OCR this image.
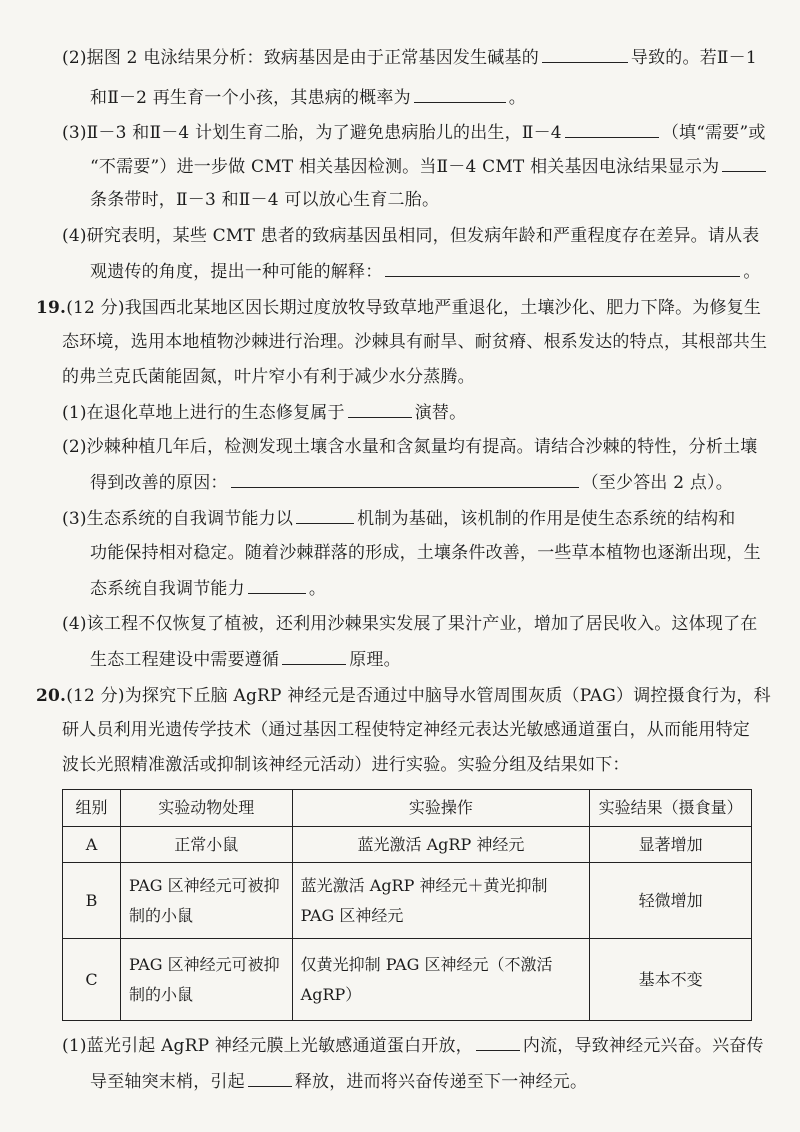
(2)据图 2 电泳结果分析：致病基因是由于正常基因发生碱基的	导致的。若Ⅱ－1
和Ⅱ－2 再生育一个小孩，其患病的概率为	。
(3)Ⅱ－3 和Ⅱ－4 计划生育二胎，为了避免患病胎儿的出生，Ⅱ－4	（填“需要”或
“不需要”）进一步做 CMT 相关基因检测。当Ⅱ－4 CMT 相关基因电泳结果显示为
条条带时，Ⅱ－3 和Ⅱ－4 可以放心生育二胎。
(4)研究表明，某些 CMT 患者的致病基因虽相同，但发病年龄和严重程度存在差异。请从表
观遗传的角度，提出一种可能的解释：	。
19.(12 分)我国西北某地区因长期过度放牧导致草地严重退化，土壤沙化、肥力下降。为修复生
态环境，选用本地植物沙棘进行治理。沙棘具有耐旱、耐贫瘠、根系发达的特点，其根部共生
的弗兰克氏菌能固氮，叶片窄小有利于减少水分蒸腾。
(1)在退化草地上进行的生态修复属于	演替。
(2)沙棘种植几年后，检测发现土壤含水量和含氮量均有提高。请结合沙棘的特性，分析土壤
得到改善的原因：	（至少答出 2 点）。
(3)生态系统的自我调节能力以	机制为基础，该机制的作用是使生态系统的结构和
功能保持相对稳定。随着沙棘群落的形成，土壤条件改善，一些草本植物也逐渐出现，生
态系统自我调节能力	。
(4)该工程不仅恢复了植被，还利用沙棘果实发展了果汁产业，增加了居民收入。这体现了在
生态工程建设中需要遵循	原理。
20.(12 分)为探究下丘脑 AgRP 神经元是否通过中脑导水管周围灰质（PAG）调控摄食行为，科
研人员利用光遗传学技术（通过基因工程使特定神经元表达光敏感通道蛋白，从而能用特定
波长光照精准激活或抑制该神经元活动）进行实验。实验分组及结果如下：
组别	实验动物处理	实验操作	实验结果（摄食量）
A	正常小鼠	蓝光激活 AgRP 神经元	显著增加
B	PAG 区神经元可被抑制的小鼠	蓝光激活 AgRP 神经元＋黄光抑制 PAG 区神经元	轻微增加
C	PAG 区神经元可被抑制的小鼠	仅黄光抑制 PAG 区神经元（不激活 AgRP）	基本不变
(1)蓝光引起 AgRP 神经元膜上光敏感通道蛋白开放，	内流，导致神经元兴奋。兴奋传
导至轴突末梢，引起	释放，进而将兴奋传递至下一神经元。
